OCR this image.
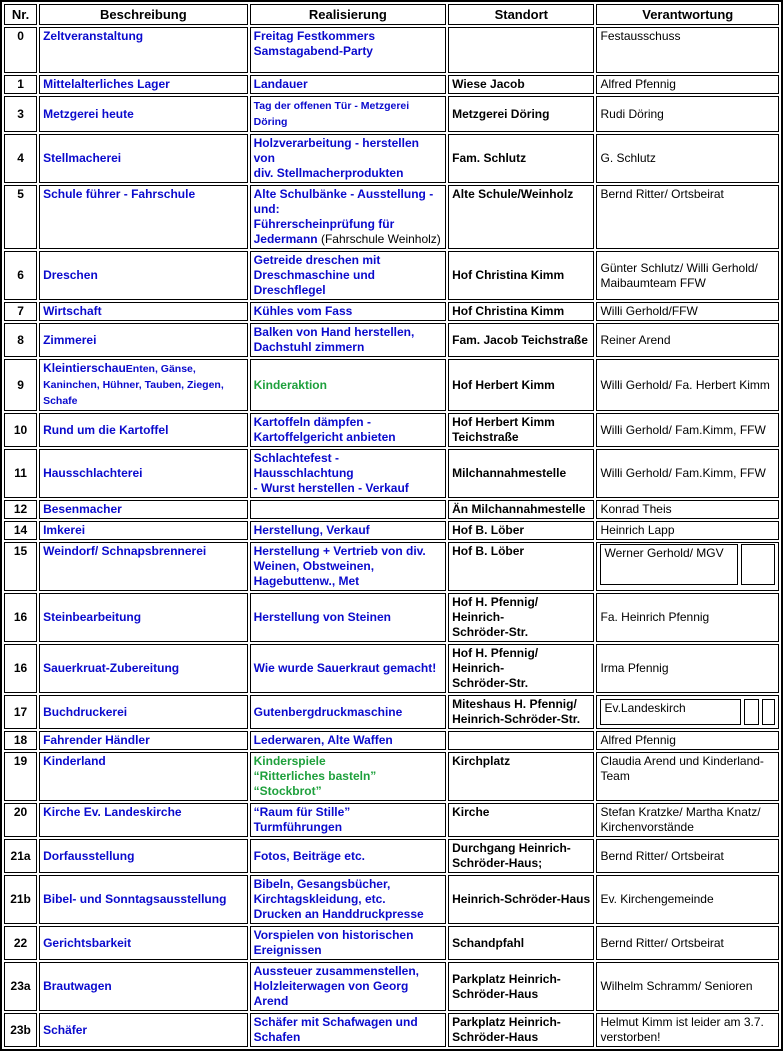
Nr.	Beschreibung	Realisierung	Standort	Verantwortung
0	Zeltveranstaltung	Freitag Festkommers
Samstagabend-Party		Festausschuss
1	Mittelalterliches Lager	Landauer	Wiese Jacob	Alfred Pfennig
3	Metzgerei heute	Tag der offenen Tür - Metzgerei Döring	Metzgerei Döring	Rudi Döring
4	Stellmacherei	Holzverarbeitung - herstellen von
div. Stellmacherprodukten	Fam. Schlutz	G. Schlutz
5	Schule führer - Fahrschule	Alte Schulbänke - Ausstellung -
und:
Führerscheinprüfung für
Jedermann (Fahrschule Weinholz)	Alte Schule/Weinholz	Bernd Ritter/ Ortsbeirat
6	Dreschen	Getreide dreschen mit
Dreschmaschine und
Dreschflegel	Hof Christina Kimm	Günter Schlutz/ Willi Gerhold/
Maibaumteam FFW
7	Wirtschaft	Kühles vom Fass	Hof Christina Kimm	Willi Gerhold/FFW
8	Zimmerei	Balken von Hand herstellen,
Dachstuhl zimmern	Fam. Jacob Teichstraße	Reiner Arend
9	KleintierschauEnten, Gänse, Kaninchen, Hühner, Tauben, Ziegen, Schafe	Kinderaktion	Hof Herbert Kimm	Willi Gerhold/ Fa. Herbert Kimm
10	Rund um die Kartoffel	Kartoffeln dämpfen -
Kartoffelgericht anbieten	Hof Herbert Kimm
Teichstraße	Willi Gerhold/ Fam.Kimm, FFW
11	Hausschlachterei	Schlachtefest - Hausschlachtung
- Wurst herstellen - Verkauf	Milchannahmestelle	Willi Gerhold/ Fam.Kimm, FFW
12	Besenmacher		Än Milchannahmestelle	Konrad Theis
14	Imkerei	Herstellung, Verkauf	Hof B. Löber	Heinrich Lapp
15	Weindorf/ Schnapsbrennerei	Herstellung + Vertrieb von div.
Weinen, Obstweinen,
Hagebuttenw., Met	Hof B. Löber	Werner Gerhold/ MGV

16	Steinbearbeitung	Herstellung von Steinen	Hof H. Pfennig/ Heinrich-
Schröder-Str.	Fa. Heinrich Pfennig
16	Sauerkruat-Zubereitung	Wie wurde Sauerkraut gemacht!	Hof H. Pfennig/ Heinrich-
Schröder-Str.	Irma Pfennig
17	Buchdruckerei	Gutenbergdruckmaschine	Miteshaus H. Pfennig/
Heinrich-Schröder-Str.	Ev.Landeskirch

18	Fahrender Händler	Lederwaren, Alte Waffen		Alfred Pfennig
19	Kinderland	Kinderspiele
“Ritterliches basteln”
“Stockbrot”	Kirchplatz	Claudia Arend und Kinderland-
Team
20	Kirche Ev. Landeskirche	“Raum für Stille”
Turmführungen	Kirche	Stefan Kratzke/ Martha Knatz/
Kirchenvorstände
21a	Dorfausstellung	Fotos, Beiträge etc.	Durchgang Heinrich-
Schröder-Haus;	Bernd Ritter/ Ortsbeirat
21b	Bibel- und Sonntagsausstellung	Bibeln, Gesangsbücher,
Kirchtagskleidung, etc.
Drucken an Handdruckpresse	Heinrich-Schröder-Haus	Ev. Kirchengemeinde
22	Gerichtsbarkeit	Vorspielen von historischen
Ereignissen	Schandpfahl	Bernd Ritter/ Ortsbeirat
23a	Brautwagen	Aussteuer zusammenstellen,
Holzleiterwagen von Georg Arend	Parkplatz Heinrich-
Schröder-Haus	Wilhelm Schramm/ Senioren
23b	Schäfer	Schäfer mit Schafwagen und
Schafen	Parkplatz Heinrich-
Schröder-Haus	Helmut Kimm ist leider am 3.7.
verstorben!
